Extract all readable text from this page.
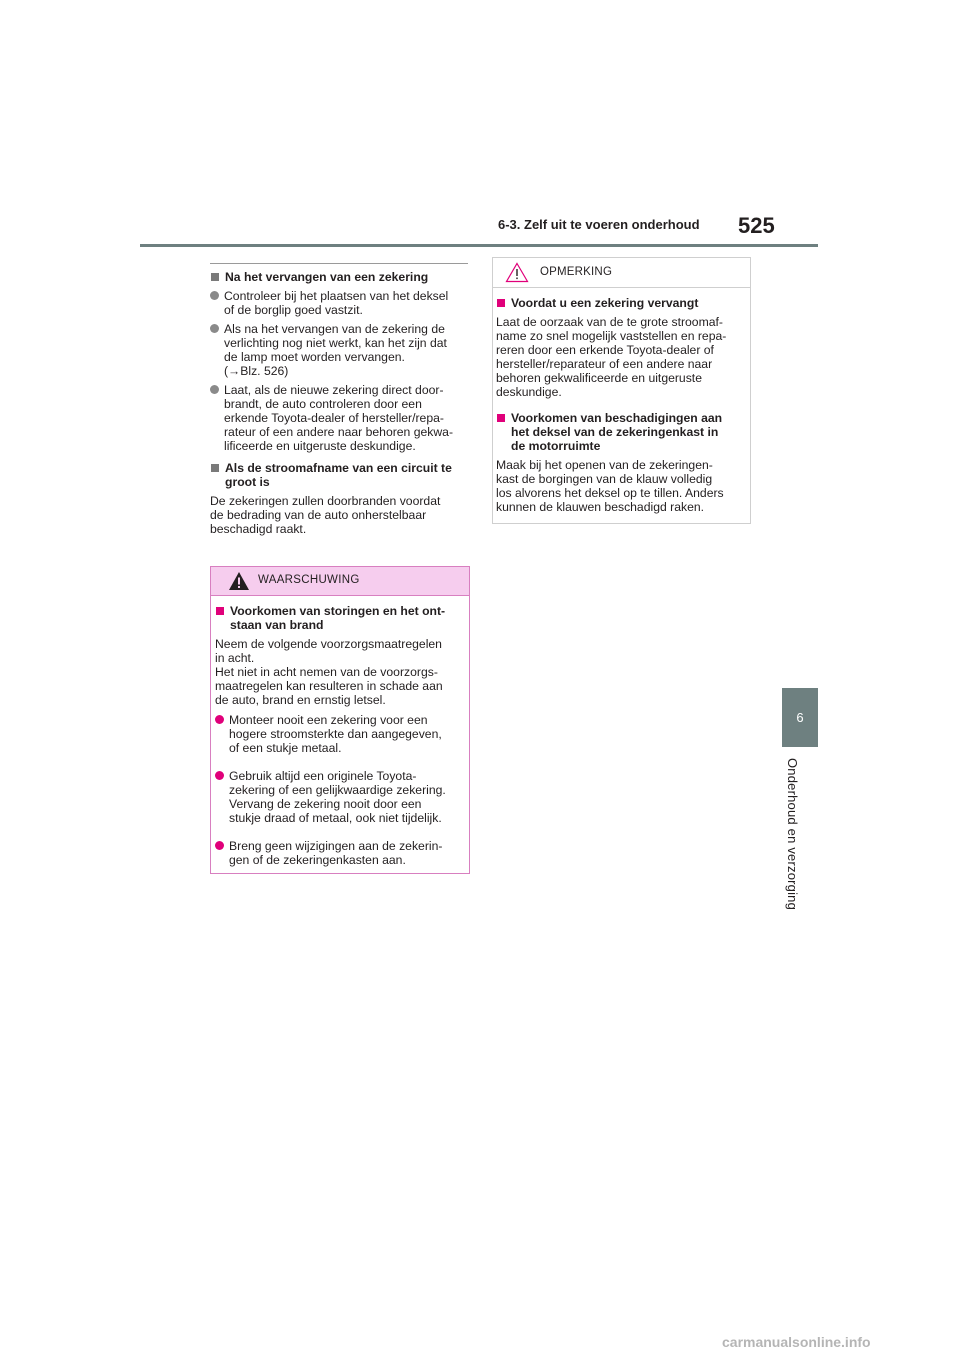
6-3. Zelf uit te voeren onderhoud 525
6
Onderhoud en verzorging
Na het vervangen van een zekering
Controleer bij het plaatsen van het deksel
of de borglip goed vastzit.
Als na het vervangen van de zekering de
verlichting nog niet werkt, kan het zijn dat
de lamp moet worden vervangen.
(→Blz. 526)
Laat, als de nieuwe zekering direct door-
brandt, de auto controleren door een
erkende Toyota-dealer of hersteller/repa-
rateur of een andere naar behoren gekwa-
lificeerde en uitgeruste deskundige.
Als de stroomafname van een circuit te
groot is

De zekeringen zullen doorbranden voordat
de bedrading van de auto onherstelbaar
beschadigd raakt.

WAARSCHUWING
Voorkomen van storingen en het ont-
staan van brand

Neem de volgende voorzorgsmaatregelen
in acht.
Het niet in acht nemen van de voorzorgs-
maatregelen kan resulteren in schade aan
de auto, brand en ernstig letsel.

Monteer nooit een zekering voor een
hogere stroomsterkte dan aangegeven,
of een stukje metaal.
Gebruik altijd een originele Toyota-
zekering of een gelijkwaardige zekering.
Vervang de zekering nooit door een
stukje draad of metaal, ook niet tijdelijk.
Breng geen wijzigingen aan de zekerin-
gen of de zekeringenkasten aan.
OPMERKING
Voordat u een zekering vervangt

Laat de oorzaak van de te grote stroomaf-
name zo snel mogelijk vaststellen en repa-
reren door een erkende Toyota-dealer of
hersteller/reparateur of een andere naar
behoren gekwalificeerde en uitgeruste
deskundige.

Voorkomen van beschadigingen aan
het deksel van de zekeringenkast in
de motorruimte

Maak bij het openen van de zekeringen-
kast de borgingen van de klauw volledig
los alvorens het deksel op te tillen. Anders
kunnen de klauwen beschadigd raken.

carmanualsonline.info
